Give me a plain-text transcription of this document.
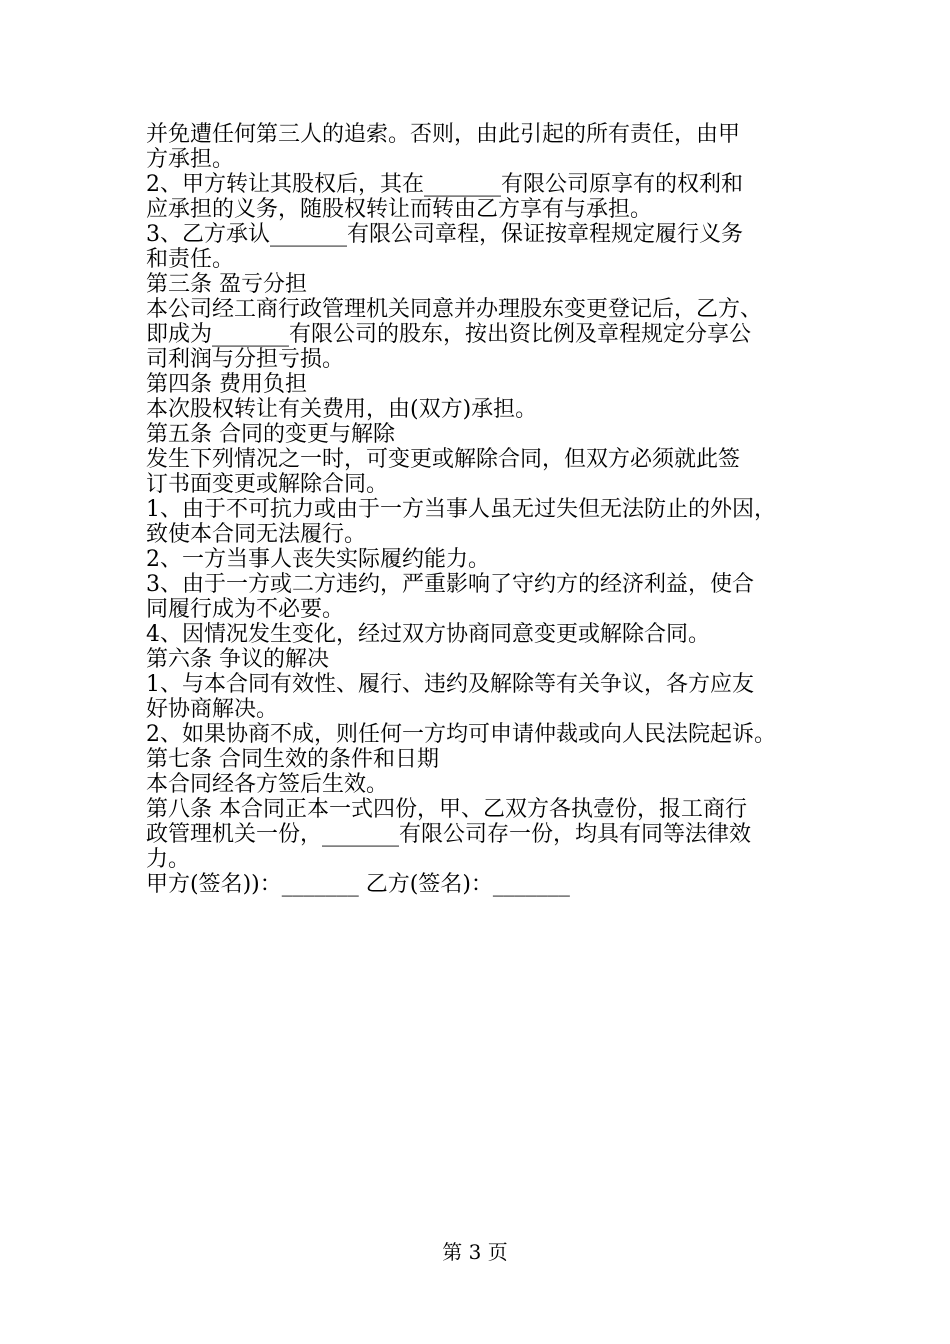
并免遭任何第三人的追索。否则，由此引起的所有责任，由甲
方承担。
2、甲方转让其股权后，其在_______有限公司原享有的权利和
应承担的义务，随股权转让而转由乙方享有与承担。
3、乙方承认_______有限公司章程，保证按章程规定履行义务
和责任。
第三条 盈亏分担
本公司经工商行政管理机关同意并办理股东变更登记后，乙方、
即成为_______有限公司的股东，按出资比例及章程规定分享公
司利润与分担亏损。
第四条 费用负担
本次股权转让有关费用，由(双方)承担。
第五条 合同的变更与解除
发生下列情况之一时，可变更或解除合同，但双方必须就此签
订书面变更或解除合同。
1、由于不可抗力或由于一方当事人虽无过失但无法防止的外因，
致使本合同无法履行。
2、一方当事人丧失实际履约能力。
3、由于一方或二方违约，严重影响了守约方的经济利益，使合
同履行成为不必要。
4、因情况发生变化，经过双方协商同意变更或解除合同。
第六条 争议的解决
1、与本合同有效性、履行、违约及解除等有关争议，各方应友
好协商解决。
2、如果协商不成，则任何一方均可申请仲裁或向人民法院起诉。
第七条 合同生效的条件和日期
本合同经各方签后生效。
第八条 本合同正本一式四份，甲、乙双方各执壹份，报工商行
政管理机关一份，_______有限公司存一份，均具有同等法律效
力。
甲方(签名))：_______ 乙方(签名)：_______
第 3 页
